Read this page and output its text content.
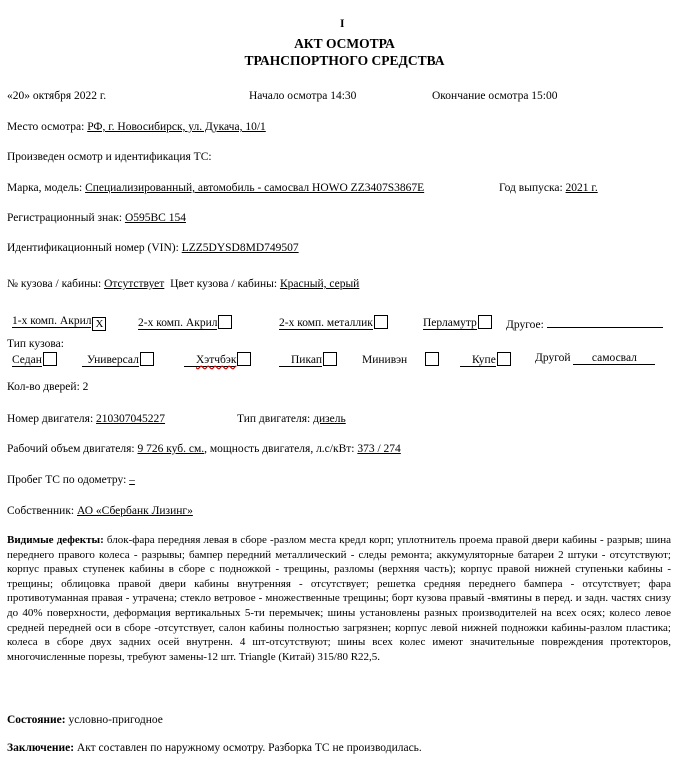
I
АКТ ОСМОТРА
ТРАНСПОРТНОГО СРЕДСТВА
«20» октября 2022 г.	Начало осмотра 14:30	Окончание осмотра 15:00
Место осмотра: РФ, г. Новосибирск, ул. Дукача, 10/1
Произведен осмотр и идентификация ТС:
Марка, модель: Специализированный, автомобиль - самосвал HOWO ZZ3407S3867E	Год выпуска: 2021 г.
Регистрационный знак: О595ВС 154
Идентификационный номер (VIN): LZZ5DYSD8MD749507
№ кузова / кабины: Отсутствует Цвет кузова / кабины: Красный, серый
1-х комп. Акрил X	2-х комп. Акрил	2-х комп. металлик	Перламутр	Другое:
Тип кузова:
Седан	Универсал	Хэтчбэк	Пикап	Минивэн	Купе	Другой самосвал
Кол-во дверей: 2
Номер двигателя: 210307045227	Тип двигателя: дизель
Рабочий объем двигателя: 9 726 куб. см., мощность двигателя, л.с/кВт: 373 / 274
Пробег ТС по одометру: –
Собственник: АО «Сбербанк Лизинг»
Видимые дефекты: блок-фара передняя левая в сборе -разлом места кредл корп; уплотнитель проема правой двери кабины - разрыв; шина переднего правого колеса - разрывы; бампер передний металлический - следы ремонта; аккумуляторные батареи 2 штуки - отсутствуют; корпус правых ступенек кабины в сборе с подножкой - трещины, разломы (верхняя часть); корпус правой нижней ступеньки кабины - трещины; облицовка правой двери кабины внутренняя - отсутствует; решетка средняя переднего бампера - отсутствует; фара противотуманная правая - утрачена; стекло ветровое - множественные трещины; борт кузова правый -вмятины в перед. и задн. частях снизу до 40% поверхности, деформация вертикальных 5-ти перемычек; шины установлены разных производителей на всех осях; колесо левое средней передней оси в сборе -отсутствует, салон кабины полностью загрязнен; корпус левой нижней подножки кабины-разлом пластика; колеса в сборе двух задних осей внутренн. 4 шт-отсутствуют; шины всех колес имеют значительные повреждения протекторов, многочисленные порезы, требуют замены-12 шт. Triangle (Китай) 315/80 R22,5.
Состояние: условно-пригодное
Заключение: Акт составлен по наружному осмотру. Разборка ТС не производилась.
